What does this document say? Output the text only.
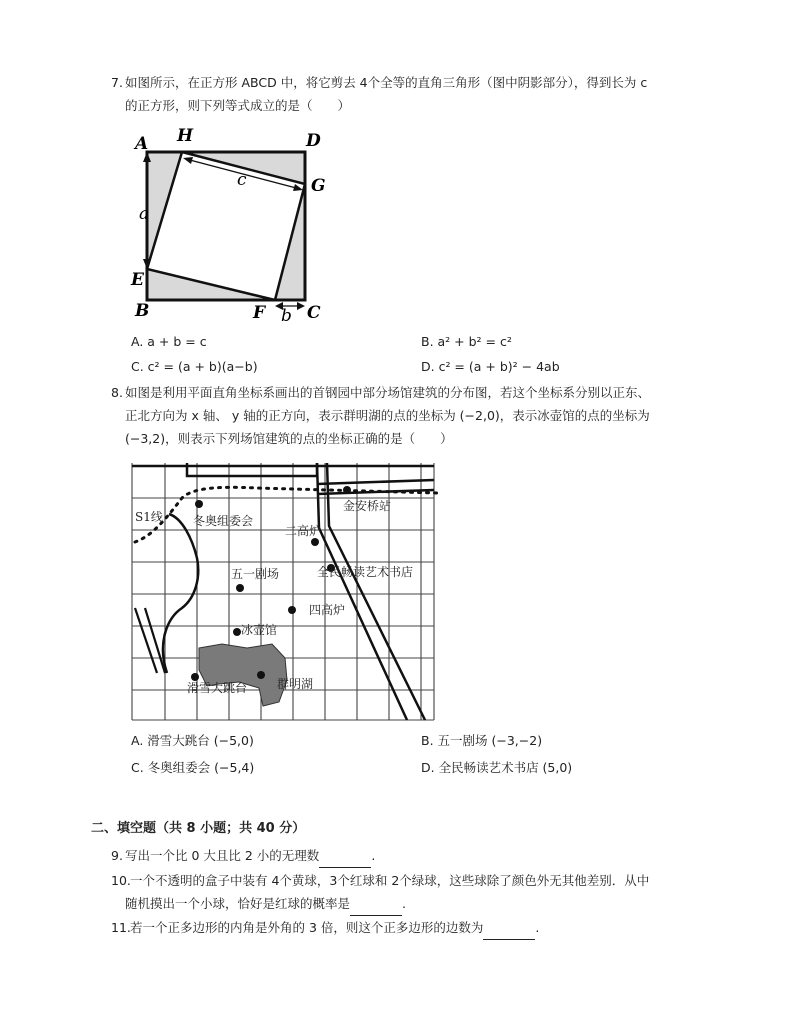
7. 如图所示，在正方形 ABCD 中，将它剪去 4个全等的直角三角形（图中阴影部分），得到长为 c
的正方形，则下列等式成立的是（　　）
A H	D
G
a
c
E
B	F b C
A. a + b = c	B. a² + b² = c²
C. c² = (a + b)(a−b)	D. c² = (a + b)² − 4ab
8. 如图是利用平面直角坐标系画出的首钢园中部分场馆建筑的分布图，若这个坐标系分别以正东、
正北方向为 x 轴、 y 轴的正方向，表示群明湖的点的坐标为 (−2,0)，表示冰壶馆的点的坐标为
(−3,2)，则表示下列场馆建筑的点的坐标正确的是（　　）
S1线	冬奥组委会
金安桥站
二高炉
五一剧场	全民畅读艺术书店
四高炉
冰壶馆
滑雪大跳台 群明湖
A. 滑雪大跳台 (−5,0)	B. 五一剧场 (−3,−2)
C. 冬奥组委会 (−5,4)	D. 全民畅读艺术书店 (5,0)
二、填空题（共 8 小题；共 40 分）
9. 写出一个比 0 大且比 2 小的无理数	.
10. 一个不透明的盒子中装有 4个黄球，3个红球和 2个绿球，这些球除了颜色外无其他差别．从中
随机摸出一个小球，恰好是红球的概率是	.
11. 若一个正多边形的内角是外角的 3 倍，则这个正多边形的边数为	.
